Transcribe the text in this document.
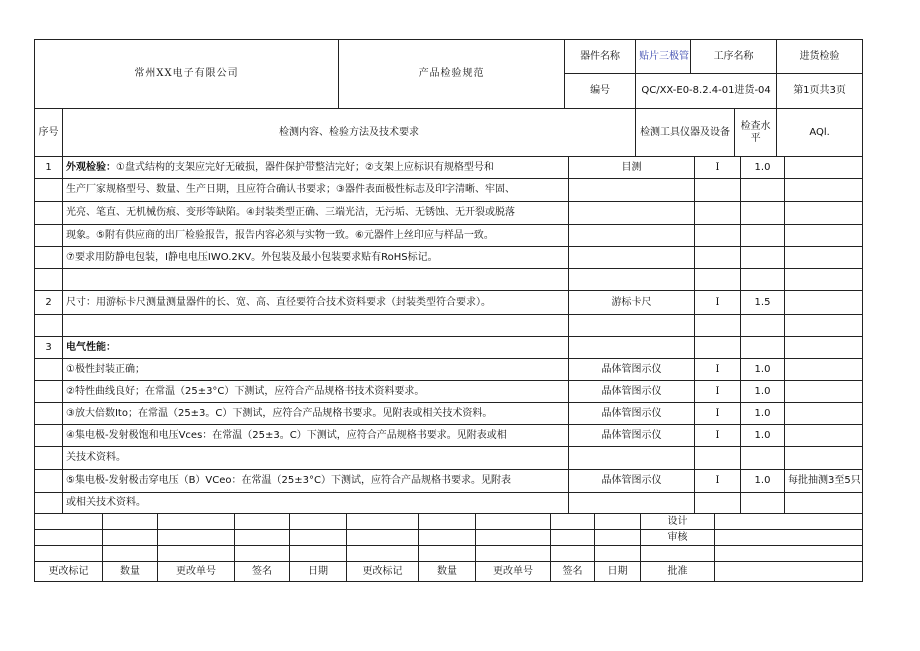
常州XX电子有限公司		产品检验规范	器件名称	贴片三极管	工序名称		进货检验
			编号	QC/XX-E0-8.2.4-01进货-04			第1页共3页
序号	检测内容、检验方法及技术要求			检测工具仪器及设备		检查水平	AQl.
1	外观检验：①盘式结构的支架应完好无破损，器件保护带整洁完好；②支架上应标识有规格型号和	目测	I	1.0	
	生产厂家规格型号、数量、生产日期，且应符合确认书要求；③器件表面极性标志及印字清晰、牢固、				
	光亮、笔直、无机械伤痕、变形等缺陷。④封装类型正确、三端光洁，无污垢、无锈蚀、无开裂或脱落				
	现象。⑤附有供应商的出厂检验报告，报告内容必须与实物一致。⑥元器件上丝印应与样品一致。				
	⑦要求用防静电包装，I静电电压IWO.2KV。外包装及最小包装要求贴有RoHS标记。				

2	尺寸：用游标卡尺测量测量器件的长、宽、高、直径要符合技术资料要求（封装类型符合要求）。	游标卡尺	I	1.5	

3	电气性能：				
	①极性封装正确；	晶体管图示仪	I	1.0	
	②特性曲线良好；在常温（25±3°C）下测试，应符合产品规格书技术资料要求。	晶体管图示仪	I	1.0	
	③放大倍数Ito；在常温（25±3。C）下测试，应符合产品规格书要求。见附表或相关技术资料。	晶体管图示仪	I	1.0	
	④集电极-发射极饱和电压Vces：在常温（25±3。C）下测试，应符合产品规格书要求。见附表或相	晶体管图示仪	I	1.0	
	关技术资料。				
	⑤集电极-发射极击穿电压（B）VCeo：在常温（25±3°C）下测试，应符合产品规格书要求。见附表	晶体管图示仪	I	1.0	每批抽测3至5只
	或相关技术资料。				
										设计	
										审核	

更改标记	数量	更改单号	签名	日期	更改标记	数量	更改单号	签名	日期	批准	
